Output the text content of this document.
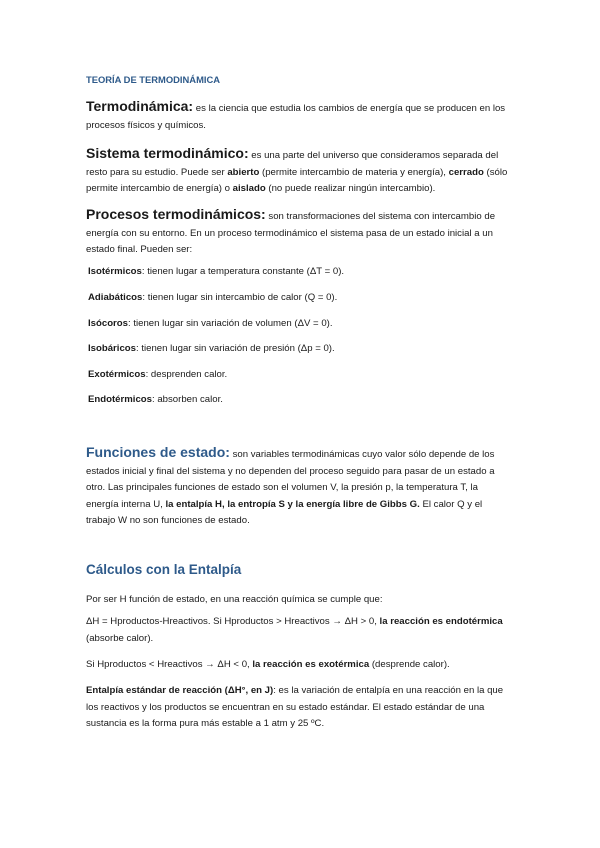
TEORÍA DE TERMODINÁMICA
Termodinámica: es la ciencia que estudia los cambios de energía que se producen en los procesos físicos y químicos.
Sistema termodinámico: es una parte del universo que consideramos separada del resto para su estudio. Puede ser abierto (permite intercambio de materia y energía), cerrado (sólo permite intercambio de energía) o aislado (no puede realizar ningún intercambio).
Procesos termodinámicos: son transformaciones del sistema con intercambio de energía con su entorno. En un proceso termodinámico el sistema pasa de un estado inicial a un estado final. Pueden ser:
Isotérmicos: tienen lugar a temperatura constante (ΔT = 0).
Adiabáticos: tienen lugar sin intercambio de calor (Q = 0).
Isócoros: tienen lugar sin variación de volumen (ΔV = 0).
Isobáricos: tienen lugar sin variación de presión (Δp = 0).
Exotérmicos: desprenden calor.
Endotérmicos: absorben calor.
Funciones de estado: son variables termodinámicas cuyo valor sólo depende de los estados inicial y final del sistema y no dependen del proceso seguido para pasar de un estado a otro. Las principales funciones de estado son el volumen V, la presión p, la temperatura T, la energía interna U, la entalpía H, la entropía S y la energía libre de Gibbs G. El calor Q y el trabajo W no son funciones de estado.
Cálculos con la Entalpía
Por ser H función de estado, en una reacción química se cumple que:
ΔH = Hproductos-Hreactivos. Si Hproductos > Hreactivos → ΔH > 0, la reacción es endotérmica (absorbe calor).
Si Hproductos < Hreactivos → ΔH < 0, la reacción es exotérmica (desprende calor).
Entalpía estándar de reacción (ΔH°, en J): es la variación de entalpía en una reacción en la que los reactivos y los productos se encuentran en su estado estándar. El estado estándar de una sustancia es la forma pura más estable a 1 atm y 25 ºC.
